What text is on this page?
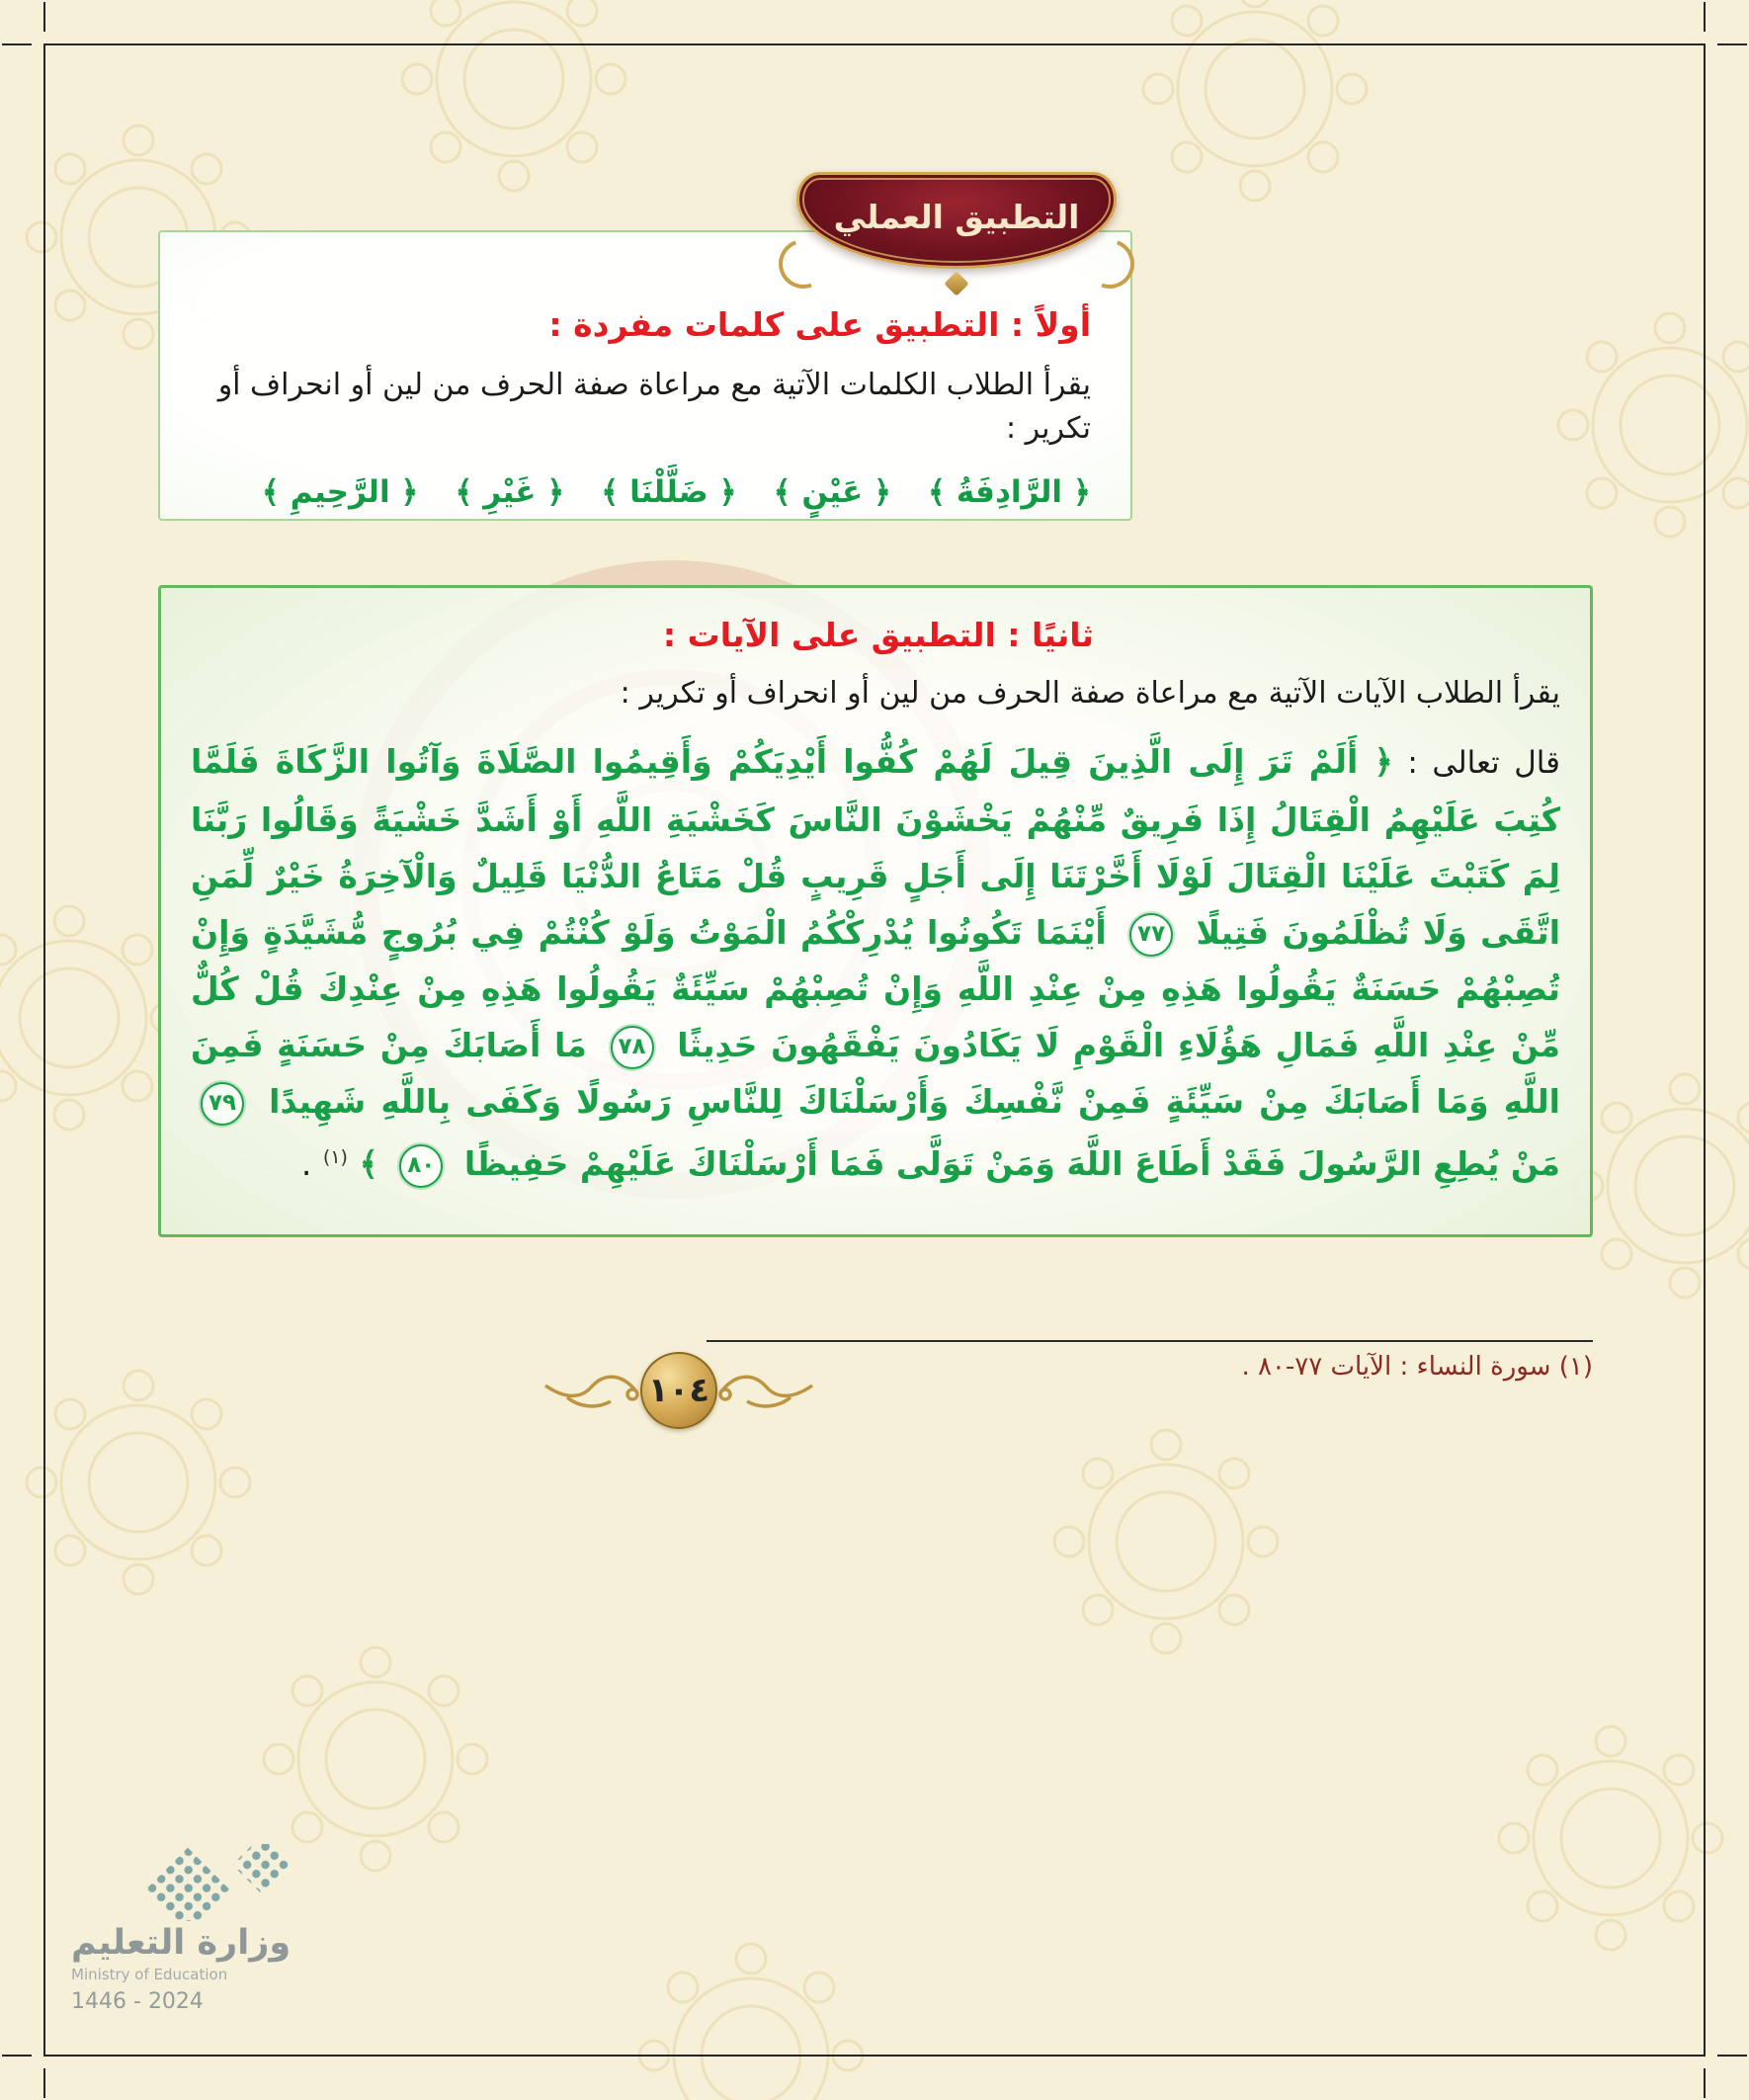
التطبيق العملي
أولاً : التطبيق على كلمات مفردة :

يقرأ الطلاب الكلمات الآتية مع مراعاة صفة الحرف من لين أو انحراف أو تكرير :

﴿ الرَّادِفَةُ ﴾ ﴿ عَيْنٍ ﴾ ﴿ ضَلَّلْنَا ﴾ ﴿ غَيْرِ ﴾ ﴿ الرَّحِيمِ ﴾

ثانيًا : التطبيق على الآيات :

يقرأ الطلاب الآيات الآتية مع مراعاة صفة الحرف من لين أو انحراف أو تكرير :

قال تعالى : ﴿ أَلَمْ تَرَ إِلَى الَّذِينَ قِيلَ لَهُمْ كُفُّوا أَيْدِيَكُمْ وَأَقِيمُوا الصَّلَاةَ وَآتُوا الزَّكَاةَ فَلَمَّا كُتِبَ عَلَيْهِمُ الْقِتَالُ إِذَا فَرِيقٌ مِّنْهُمْ يَخْشَوْنَ النَّاسَ كَخَشْيَةِ اللَّهِ أَوْ أَشَدَّ خَشْيَةً وَقَالُوا رَبَّنَا لِمَ كَتَبْتَ عَلَيْنَا الْقِتَالَ لَوْلَا أَخَّرْتَنَا إِلَى أَجَلٍ قَرِيبٍ قُلْ مَتَاعُ الدُّنْيَا قَلِيلٌ وَالْآخِرَةُ خَيْرٌ لِّمَنِ اتَّقَى وَلَا تُظْلَمُونَ فَتِيلًا ٧٧ أَيْنَمَا تَكُونُوا يُدْرِكْكُمُ الْمَوْتُ وَلَوْ كُنْتُمْ فِي بُرُوجٍ مُّشَيَّدَةٍ وَإِنْ تُصِبْهُمْ حَسَنَةٌ يَقُولُوا هَذِهِ مِنْ عِنْدِ اللَّهِ وَإِنْ تُصِبْهُمْ سَيِّئَةٌ يَقُولُوا هَذِهِ مِنْ عِنْدِكَ قُلْ كُلٌّ مِّنْ عِنْدِ اللَّهِ فَمَالِ هَؤُلَاءِ الْقَوْمِ لَا يَكَادُونَ يَفْقَهُونَ حَدِيثًا ٧٨ مَا أَصَابَكَ مِنْ حَسَنَةٍ فَمِنَ اللَّهِ وَمَا أَصَابَكَ مِنْ سَيِّئَةٍ فَمِنْ نَّفْسِكَ وَأَرْسَلْنَاكَ لِلنَّاسِ رَسُولًا وَكَفَى بِاللَّهِ شَهِيدًا ٧٩ مَنْ يُطِعِ الرَّسُولَ فَقَدْ أَطَاعَ اللَّهَ وَمَنْ تَوَلَّى فَمَا أَرْسَلْنَاكَ عَلَيْهِمْ حَفِيظًا ٨٠ ﴾ $^{(١)}$ .

(١) سورة النساء : الآيات ٧٧-٨٠ .
١٠٤
وزارة التعليم
Ministry of Education
2024 - 1446
